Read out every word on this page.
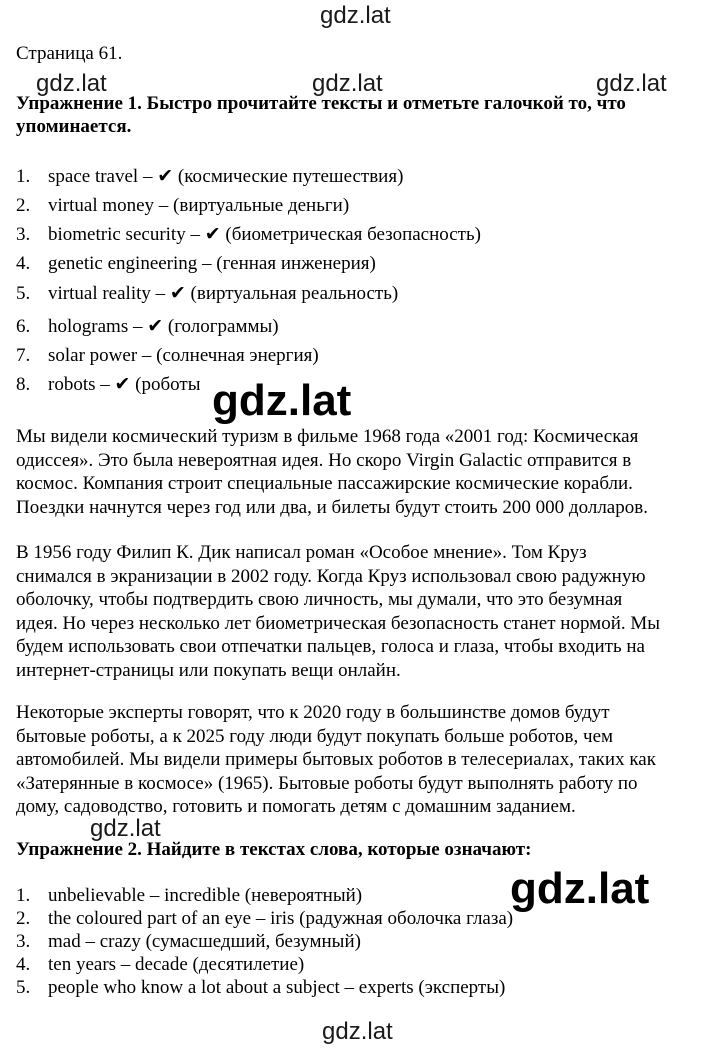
Страница 61.
Упражнение 1. Быстро прочитайте тексты и отметьте галочкой то, что
упоминается.
1. space travel – ✔ (космические путешествия)
2. virtual money – (виртуальные деньги)
3. biometric security – ✔ (биометрическая безопасность)
4. genetic engineering – (генная инженерия)
5. virtual reality – ✔ (виртуальная реальность)
6. holograms – ✔ (голограммы)
7. solar power – (солнечная энергия)
8. robots – ✔ (роботы
Мы видели космический туризм в фильме 1968 года «2001 год: Космическая
одиссея». Это была невероятная идея. Но скоро Virgin Galactic отправится в
космос. Компания строит специальные пассажирские космические корабли.
Поездки начнутся через год или два, и билеты будут стоить 200 000 долларов.
В 1956 году Филип К. Дик написал роман «Особое мнение». Том Круз
снимался в экранизации в 2002 году. Когда Круз использовал свою радужную
оболочку, чтобы подтвердить свою личность, мы думали, что это безумная
идея. Но через несколько лет биометрическая безопасность станет нормой. Мы
будем использовать свои отпечатки пальцев, голоса и глаза, чтобы входить на
интернет-страницы или покупать вещи онлайн.
Некоторые эксперты говорят, что к 2020 году в большинстве домов будут
бытовые роботы, а к 2025 году люди будут покупать больше роботов, чем
автомобилей. Мы видели примеры бытовых роботов в телесериалах, таких как
«Затерянные в космосе» (1965). Бытовые роботы будут выполнять работу по
дому, садоводство, готовить и помогать детям с домашним заданием.
Упражнение 2. Найдите в текстах слова, которые означают:
1. unbelievable – incredible (невероятный)
2. the coloured part of an eye – iris (радужная оболочка глаза)
3. mad – crazy (сумасшедший, безумный)
4. ten years – decade (десятилетие)
5. people who know a lot about a subject – experts (эксперты)
gdz.lat
gdz.lat	gdz.lat	gdz.lat
gdz.lat
gdz.lat
gdz.lat
gdz.lat
